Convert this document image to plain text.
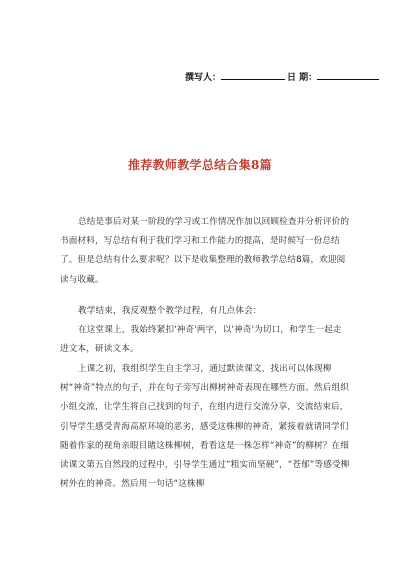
撰写人：	日 期：
推荐教师教学总结合集8篇
总结是事后对某一阶段的学习或工作情况作加以回顾检查并分析评价的书面材料，写总结有利于我们学习和工作能力的提高，是时候写一份总结了。但是总结有什么要求呢？以下是收集整理的教师教学总结8篇，欢迎阅读与收藏。
教学结束，我反观整个教学过程，有几点体会：
在这堂课上，我始终紧扣'神奇'两字，以'神奇'为切口，和学生一起走进文本，研读文本。
上课之初，我组织学生自主学习，通过默读课文，找出可以体现柳树“神奇”特点的句子，并在句子旁写出柳树神奇表现在哪些方面。然后组织小组交流，让学生将自己找到的句子，在组内进行交流分享，交流结束后，引导学生感受青海高原环境的恶劣，感受这株柳的神奇，紧接着就请同学们随着作家的视角亲眼目睹这株柳树，看看这是一株怎样“神奇”的柳树？在细读课文第五自然段的过程中，引导学生通过“粗实而坚硬”，“苍郁”等感受柳树外在的神奇。然后用一句话“这株柳
